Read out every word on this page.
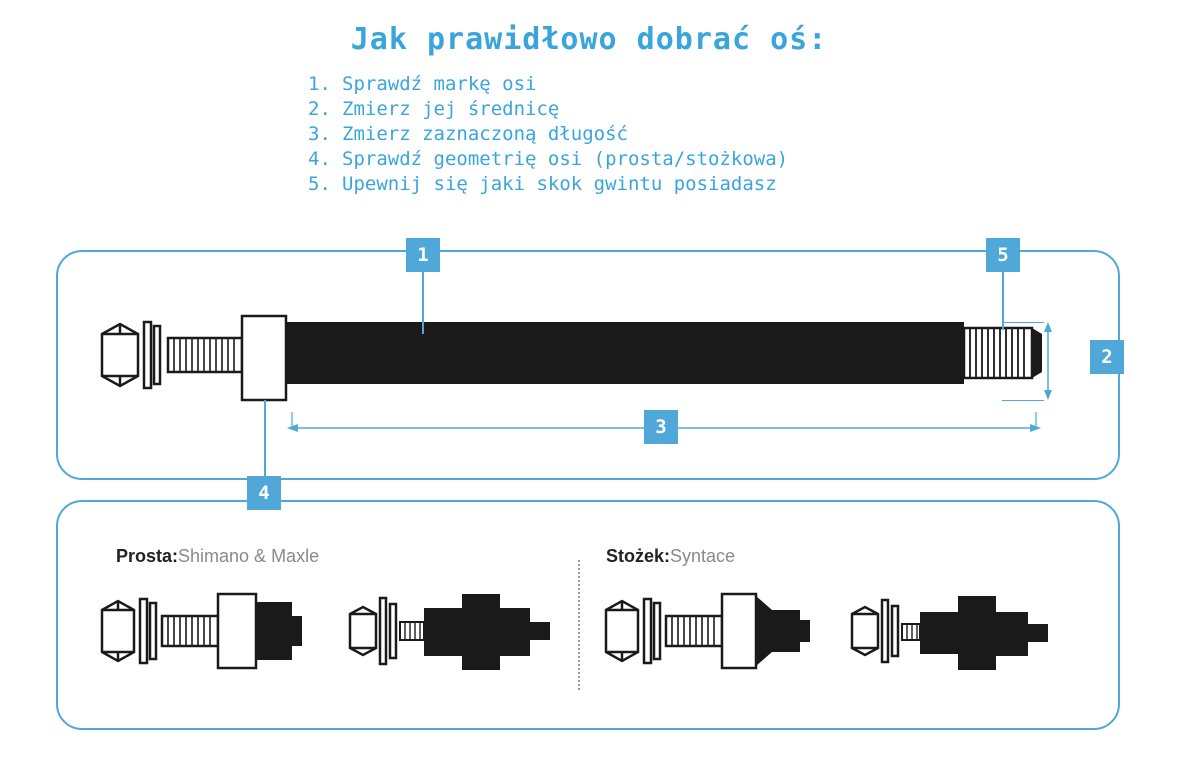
Jak prawidłowo dobrać oś:
1. Sprawdź markę osi
2. Zmierz jej średnicę
3. Zmierz zaznaczoną długość
4. Sprawdź geometrię osi (prosta/stożkowa)
5. Upewnij się jaki skok gwintu posiadasz
1	5
2
3
4
Prosta:Shimano & Maxle	Stożek:Syntace
